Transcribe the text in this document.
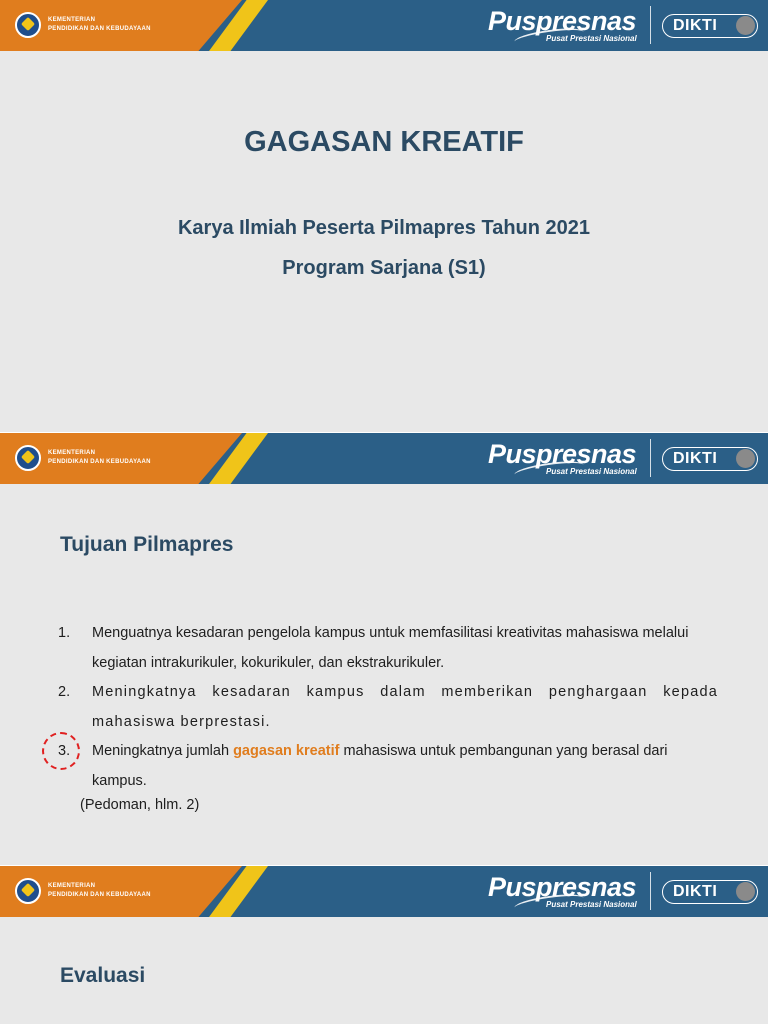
KEMENTERIAN
PENDIDIKAN DAN KEBUDAYAAN	Puspresnas
Pusat Prestasi Nasional
DIKTI
GAGASAN KREATIF
Karya Ilmiah Peserta Pilmapres Tahun 2021
Program Sarjana (S1)
KEMENTERIAN
PENDIDIKAN DAN KEBUDAYAAN	Puspresnas
Pusat Prestasi Nasional
DIKTI
Tujuan Pilmapres
1. Menguatnya kesadaran pengelola kampus untuk memfasilitasi kreativitas mahasiswa melalui kegiatan intrakurikuler, kokurikuler, dan ekstrakurikuler.
2. Meningkatnya kesadaran kampus dalam memberikan penghargaan kepada mahasiswa berprestasi.
3. Meningkatnya jumlah gagasan kreatif mahasiswa untuk pembangunan yang berasal dari kampus.
(Pedoman, hlm. 2)
KEMENTERIAN
PENDIDIKAN DAN KEBUDAYAAN	Puspresnas
Pusat Prestasi Nasional
DIKTI
Evaluasi
